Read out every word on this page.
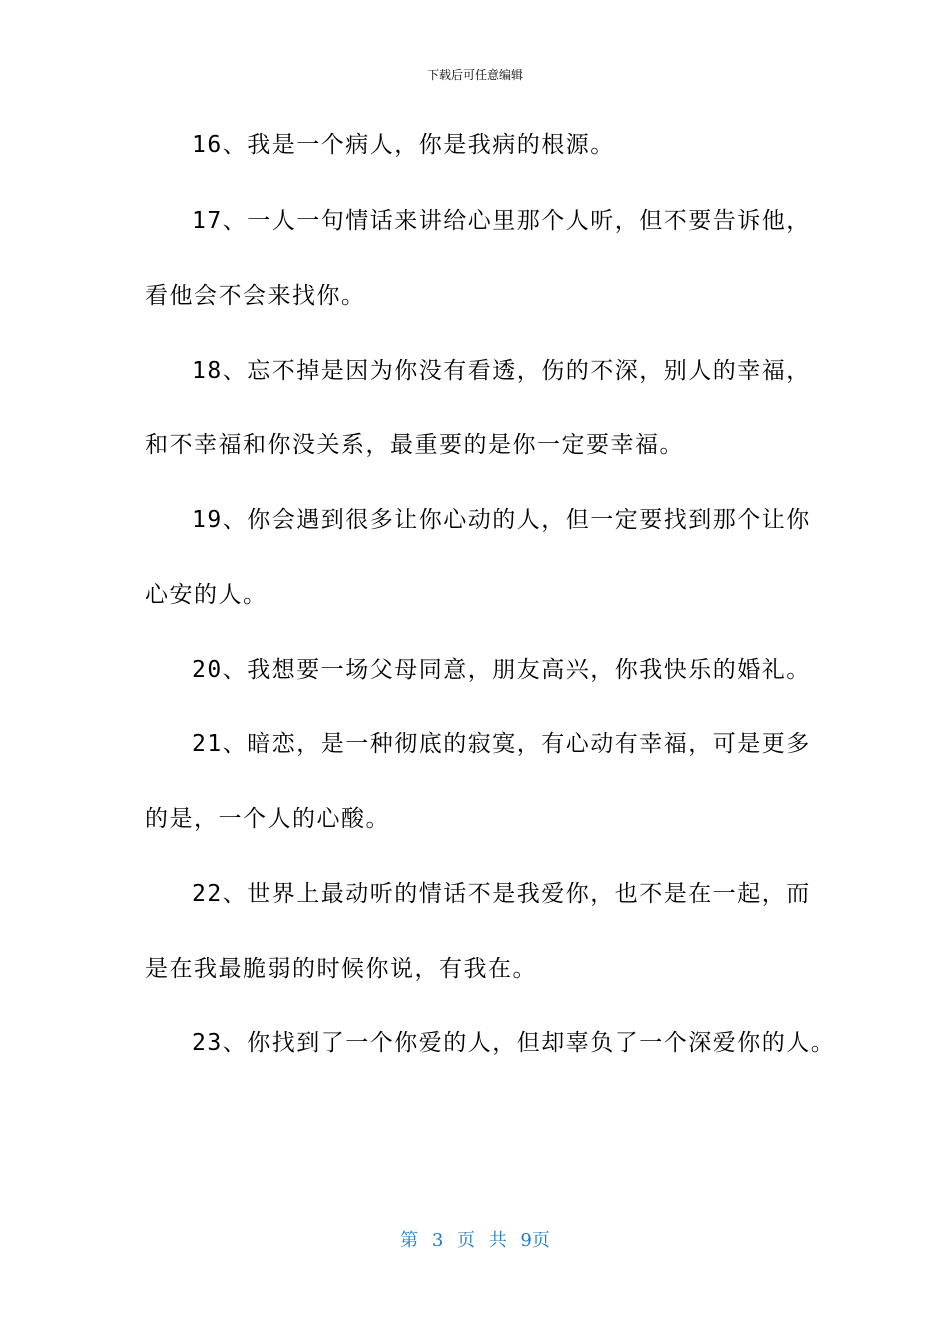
下载后可任意编辑
16、我是一个病人，你是我病的根源。
17、一人一句情话来讲给心里那个人听，但不要告诉他，
看他会不会来找你。
18、忘不掉是因为你没有看透，伤的不深，别人的幸福，
和不幸福和你没关系，最重要的是你一定要幸福。
19、你会遇到很多让你心动的人，但一定要找到那个让你
心安的人。
20、我想要一场父母同意，朋友高兴，你我快乐的婚礼。
21、暗恋，是一种彻底的寂寞，有心动有幸福，可是更多
的是，一个人的心酸。
22、世界上最动听的情话不是我爱你，也不是在一起，而
是在我最脆弱的时候你说，有我在。
23、你找到了一个你爱的人，但却辜负了一个深爱你的人。
第 3 页 共 9页
